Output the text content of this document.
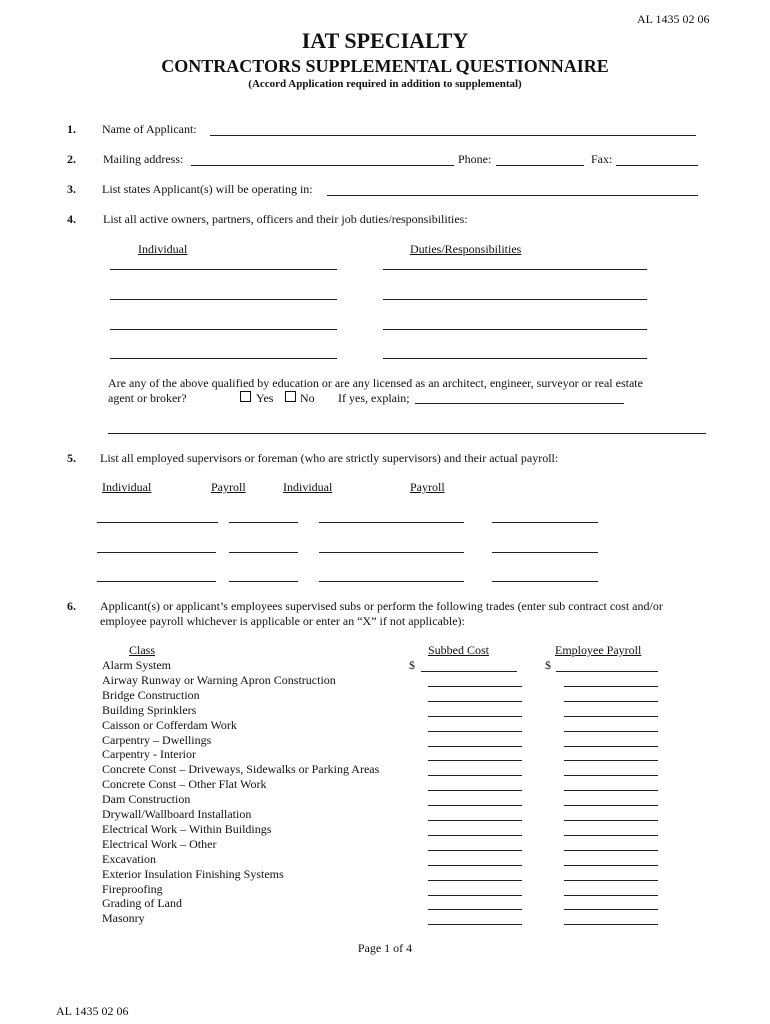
AL 1435 02 06
IAT SPECIALTY
CONTRACTORS SUPPLEMENTAL QUESTIONNAIRE
(Accord Application required in addition to supplemental)
1. Name of Applicant:
2. Mailing address:	Phone:	Fax:
3. List states Applicant(s) will be operating in:
4. List all active owners, partners, officers and their job duties/responsibilities:
Individual	Duties/Responsibilities
Are any of the above qualified by education or are any licensed as an architect, engineer, surveyor or real estate
agent or broker?	Yes No If yes, explain;
5. List all employed supervisors or foreman (who are strictly supervisors) and their actual payroll:
Individual	Payroll	Individual	Payroll
6. Applicant(s) or applicant’s employees supervised subs or perform the following trades (enter sub contract cost and/or
employee payroll whichever is applicable or enter an “X” if not applicable):
Class	Subbed Cost	Employee Payroll
Alarm System	$	$
Airway Runway or Warning Apron Construction
Bridge Construction
Building Sprinklers
Caisson or Cofferdam Work
Carpentry – Dwellings
Carpentry - Interior
Concrete Const – Driveways, Sidewalks or Parking Areas
Concrete Const – Other Flat Work
Dam Construction
Drywall/Wallboard Installation
Electrical Work – Within Buildings
Electrical Work – Other
Excavation
Exterior Insulation Finishing Systems
Fireproofing
Grading of Land
Masonry
Page 1 of 4
AL 1435 02 06
